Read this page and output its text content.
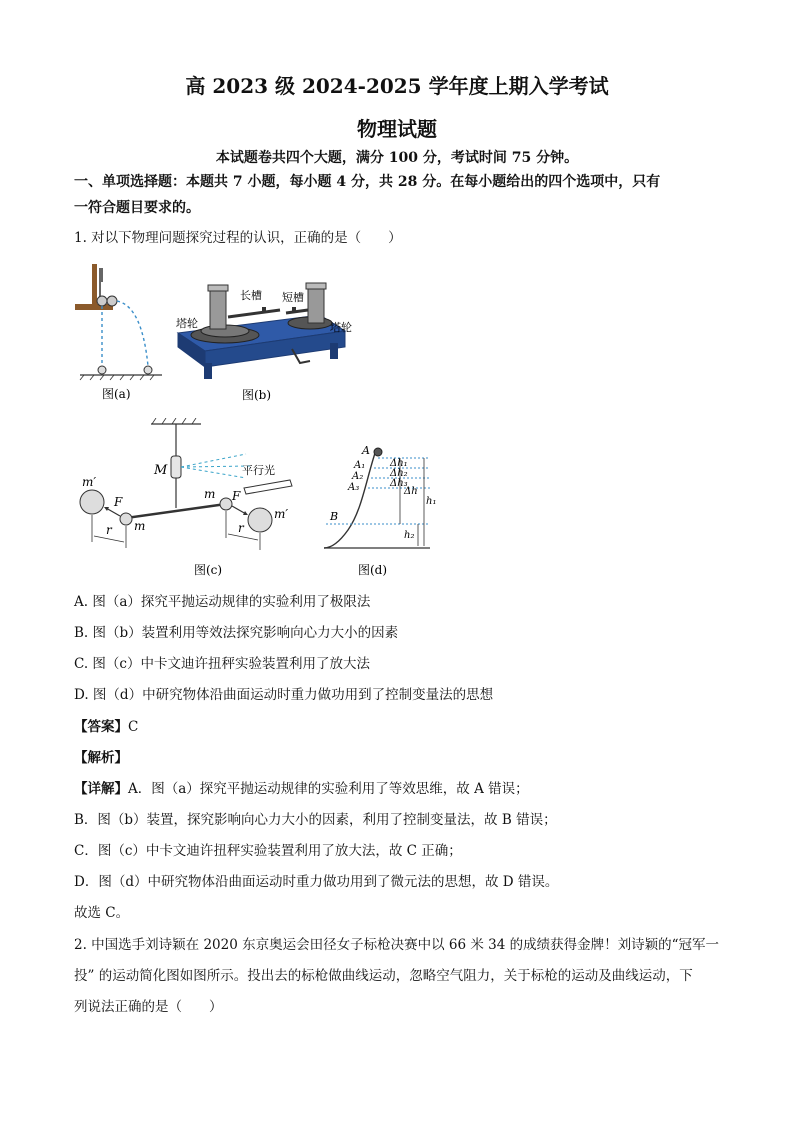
高 2023 级 2024-2025 学年度上期入学考试
物理试题
本试题卷共四个大题，满分 100 分，考试时间 75 分钟。
一、单项选择题：本题共 7 小题，每小题 4 分，共 28 分。在每小题给出的四个选项中，只有
一符合题目要求的。
1. 对以下物理问题探究过程的认识，正确的是（　　）
图(a)
长槽 短槽
塔轮	塔轮
图(b)
M	平行光
m′
m′
F	F
m
m
r	r
图(c)
A
A₁
A₂
A₃
B
Δh₁
Δh₂
Δh₃
Δh
h₁
h₂
图(d)
A. 图（a）探究平抛运动规律的实验利用了极限法
B. 图（b）装置利用等效法探究影响向心力大小的因素
C. 图（c）中卡文迪许扭秤实验装置利用了放大法
D. 图（d）中研究物体沿曲面运动时重力做功用到了控制变量法的思想
【答案】C
【解析】
【详解】A．图（a）探究平抛运动规律的实验利用了等效思维，故 A 错误；
B．图（b）装置，探究影响向心力大小的因素，利用了控制变量法，故 B 错误；
C．图（c）中卡文迪许扭秤实验装置利用了放大法，故 C 正确；
D．图（d）中研究物体沿曲面运动时重力做功用到了微元法的思想，故 D 错误。
故选 C。
2. 中国选手刘诗颖在 2020 东京奥运会田径女子标枪决赛中以 66 米 34 的成绩获得金牌！刘诗颖的“冠军一
投” 的运动简化图如图所示。投出去的标枪做曲线运动，忽略空气阻力，关于标枪的运动及曲线运动，下
列说法正确的是（　　）
